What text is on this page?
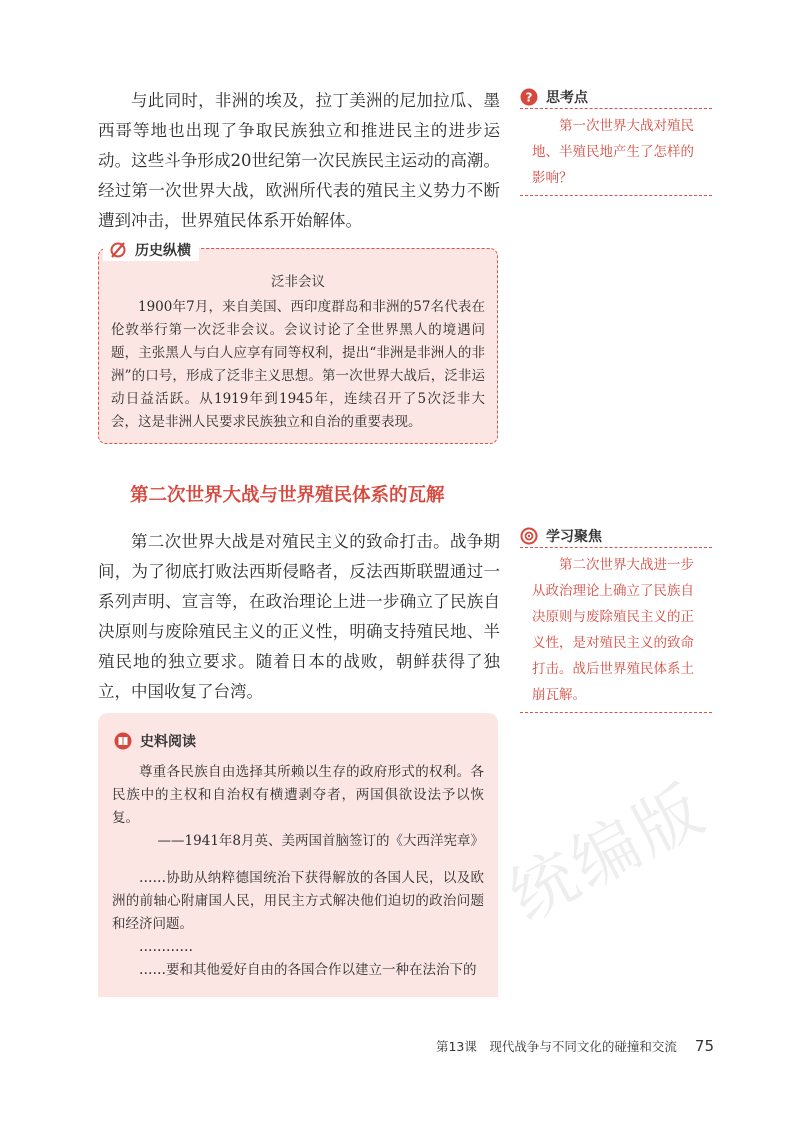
与此同时，非洲的埃及，拉丁美洲的尼加拉瓜、墨西哥等地也出现了争取民族独立和推进民主的进步运动。这些斗争形成20世纪第一次民族民主运动的高潮。经过第一次世界大战，欧洲所代表的殖民主义势力不断遭到冲击，世界殖民体系开始解体。

? 思考点
第一次世界大战对殖民地、半殖民地产生了怎样的影响？
历史纵横
泛非会议
1900年7月，来自美国、西印度群岛和非洲的57名代表在伦敦举行第一次泛非会议。会议讨论了全世界黑人的境遇问题，主张黑人与白人应享有同等权利，提出“非洲是非洲人的非洲”的口号，形成了泛非主义思想。第一次世界大战后，泛非运动日益活跃。从1919年到1945年，连续召开了5次泛非大会，这是非洲人民要求民族独立和自治的重要表现。
第二次世界大战与世界殖民体系的瓦解

第二次世界大战是对殖民主义的致命打击。战争期间，为了彻底打败法西斯侵略者，反法西斯联盟通过一系列声明、宣言等，在政治理论上进一步确立了民族自决原则与废除殖民主义的正义性，明确支持殖民地、半殖民地的独立要求。随着日本的战败，朝鲜获得了独立，中国收复了台湾。

学习聚焦
第二次世界大战进一步从政治理论上确立了民族自决原则与废除殖民主义的正义性，是对殖民主义的致命打击。战后世界殖民体系土崩瓦解。
史料阅读

尊重各民族自由选择其所赖以生存的政府形式的权利。各民族中的主权和自治权有横遭剥夺者，两国俱欲设法予以恢复。

——1941年8月英、美两国首脑签订的《大西洋宪章》

……协助从纳粹德国统治下获得解放的各国人民，以及欧洲的前轴心附庸国人民，用民主方式解决他们迫切的政治问题和经济问题。

…………
……要和其他爱好自由的各国合作以建立一种在法治下的
统编版
第13课　现代战争与不同文化的碰撞和交流 75
